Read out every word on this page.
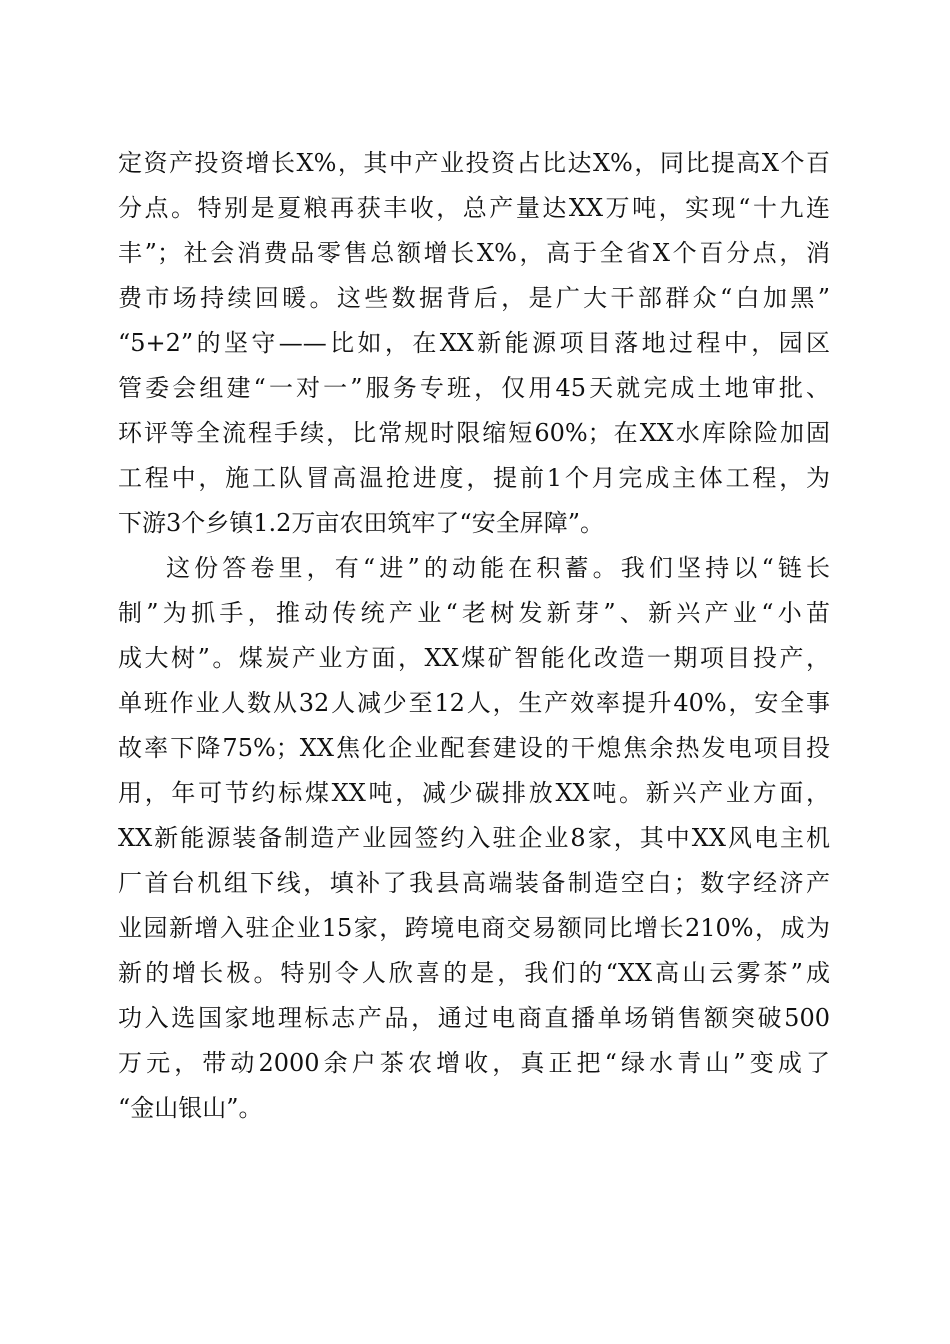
定资产投资增长X%，其中产业投资占比达X%，同比提高X个百
分点。特别是夏粮再获丰收，总产量达XX万吨，实现“十九连
丰”；社会消费品零售总额增长X%，高于全省X个百分点，消
费市场持续回暖。这些数据背后，是广大干部群众“白加黑”
“5+2”的坚守——比如，在XX新能源项目落地过程中，园区
管委会组建“一对一”服务专班，仅用45天就完成土地审批、
环评等全流程手续，比常规时限缩短60%；在XX水库除险加固
工程中，施工队冒高温抢进度，提前1个月完成主体工程，为
下游3个乡镇1.2万亩农田筑牢了“安全屏障”。
这份答卷里，有“进”的动能在积蓄。我们坚持以“链长
制”为抓手，推动传统产业“老树发新芽”、新兴产业“小苗
成大树”。煤炭产业方面，XX煤矿智能化改造一期项目投产，
单班作业人数从32人减少至12人，生产效率提升40%，安全事
故率下降75%；XX焦化企业配套建设的干熄焦余热发电项目投
用，年可节约标煤XX吨，减少碳排放XX吨。新兴产业方面，
XX新能源装备制造产业园签约入驻企业8家，其中XX风电主机
厂首台机组下线，填补了我县高端装备制造空白；数字经济产
业园新增入驻企业15家，跨境电商交易额同比增长210%，成为
新的增长极。特别令人欣喜的是，我们的“XX高山云雾茶”成
功入选国家地理标志产品，通过电商直播单场销售额突破500
万元，带动2000余户茶农增收，真正把“绿水青山”变成了
“金山银山”。
